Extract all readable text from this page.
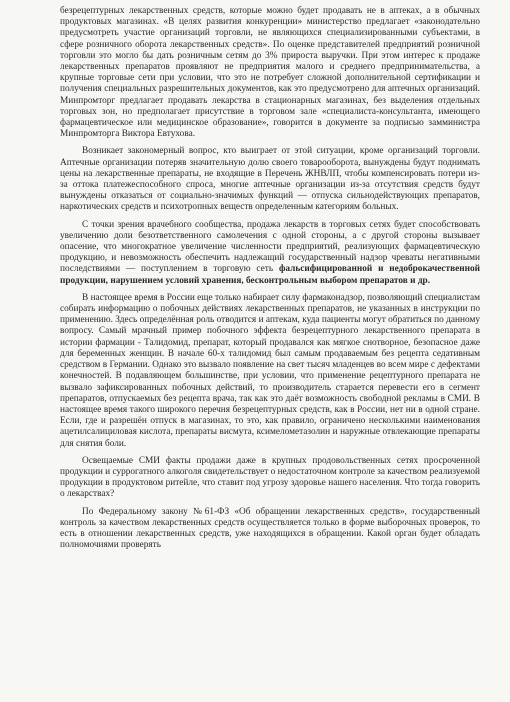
безрецептурных лекарственных средств, которые можно будет продавать не в аптеках, а в обычных продуктовых магазинах. «В целях развития конкуренции» министерство предлагает «законодательно предусмотреть участие организаций торговли, не являющихся специализированными субъектами, в сфере розничного оборота лекарственных средств». По оценке представителей предприятий розничной торговли это могло бы дать розничным сетям до 3% прироста выручки. При этом интерес к продаже лекарственных препаратов проявляют не предприятия малого и среднего предпринимательства, а крупные торговые сети при условии, что это не потребует сложной дополнительной сертификации и получения специальных разрешительных документов, как это предусмотрено для аптечных организаций. Минпромторг предлагает продавать лекарства в стационарных магазинах, без выделения отдельных торговых зон, но предполагает присутствие в торговом зале «специалиста-консультанта, имеющего фармацевтическое или медицинское образование», говорится в документе за подписью замминистра Минпромторга Виктора Евтухова.

Возникает закономерный вопрос, кто выиграет от этой ситуации, кроме организаций торговли. Аптечные организации потеряв значительную долю своего товарооборота, вынуждены будут поднимать цены на лекарственные препараты, не входящие в Перечень ЖНВЛП, чтобы компенсировать потери из-за оттока платежеспособного спроса, многие аптечные организации из-за отсутствия средств будут вынуждены отказаться от социально-значимых функций — отпуска сильнодействующих препаратов, наркотических средств и психотропных веществ определенным категориям больных.

С точки зрения врачебного сообщества, продажа лекарств в торговых сетях будет способствовать увеличению доли безответственного самолечения с одной стороны, а с другой стороны вызывает опасение, что многократное увеличение численности предприятий, реализующих фармацевтическую продукцию, и невозможность обеспечить надлежащий государственный надзор чреваты негативными последствиями — поступлением в торговую сеть фальсифицированной и недоброкачественной продукции, нарушением условий хранения, бесконтрольным выбором препаратов и др.

В настоящее время в России еще только набирает силу фармаконадзор, позволяющий специалистам собирать информацию о побочных действиях лекарственных препаратов, не указанных в инструкции по применению. Здесь определённая роль отводится и аптекам, куда пациенты могут обратиться по данному вопросу. Самый мрачный пример побочного эффекта безрецептурного лекарственного препарата в истории фармации - Талидомид, препарат, который продавался как мягкое снотворное, безопасное даже для беременных женщин. В начале 60-х талидомид был самым продаваемым без рецепта седативным средством в Германии. Однако это вызвало появление на свет тысяч младенцев во всем мире с дефектами конечностей. В подавляющем большинстве, при условии, что применение рецептурного препарата не вызвало зафиксированных побочных действий, то производитель старается перевести его в сегмент препаратов, отпускаемых без рецепта врача, так как это даёт возможность свободной рекламы в СМИ. В настоящее время такого широкого перечня безрецептурных средств, как в России, нет ни в одной стране. Если, где и разрешён отпуск в магазинах, то это, как правило, ограничено несколькими наименования ацетилсалициловая кислота, препараты висмута, ксимелометазолин и наружные отвлекающие препараты для снятия боли.

Освещаемые СМИ факты продажи даже в крупных продовольственных сетях просроченной продукции и суррогатного алкоголя свидетельствует о недостаточном контроле за качеством реализуемой продукции в продуктовом ритейле, что ставит под угрозу здоровье нашего населения. Что тогда говорить о лекарствах?

По Федеральному закону №61-ФЗ «Об обращении лекарственных средств», государственный контроль за качеством лекарственных средств осуществляется только в форме выборочных проверок, то есть в отношении лекарственных средств, уже находящихся в обращении. Какой орган будет обладать полномочиями проверять
